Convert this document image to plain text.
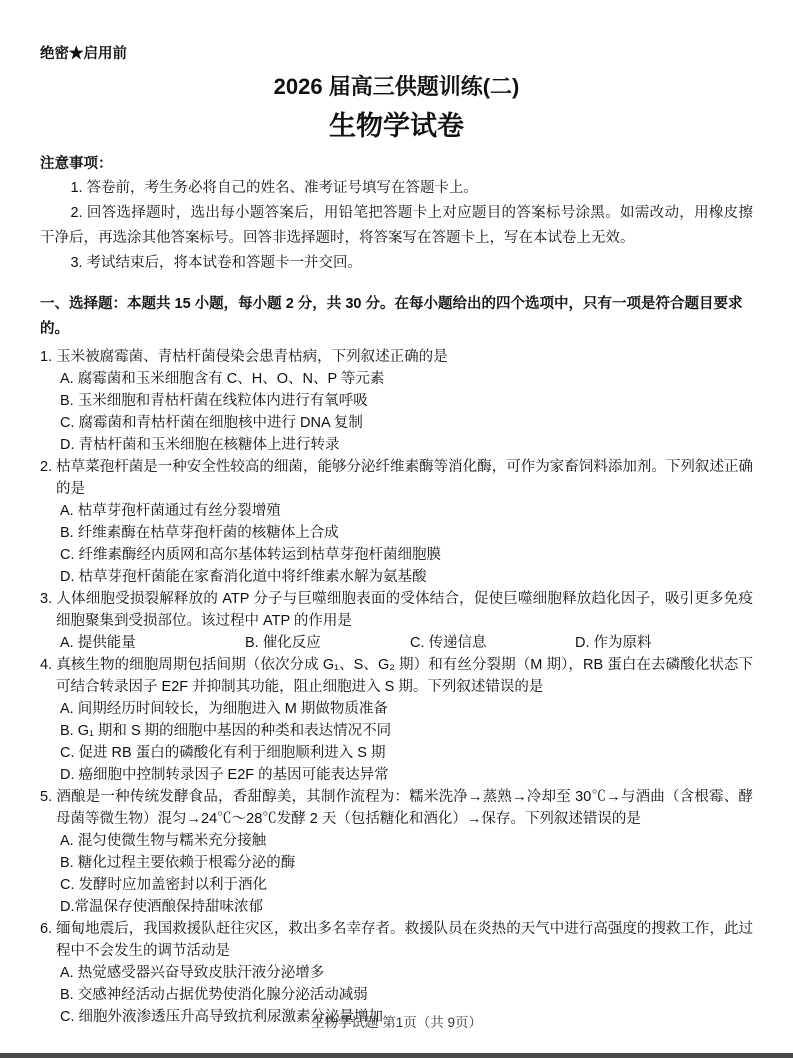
绝密★启用前
2026 届高三供题训练(二)
生物学试卷
注意事项：

1. 答卷前，考生务必将自己的姓名、准考证号填写在答题卡上。

2. 回答选择题时，选出每小题答案后，用铅笔把答题卡上对应题目的答案标号涂黑。如需改动，用橡皮擦干净后，再选涂其他答案标号。回答非选择题时，将答案写在答题卡上，写在本试卷上无效。

3. 考试结束后，将本试卷和答题卡一并交回。

一、选择题：本题共 15 小题，每小题 2 分，共 30 分。在每小题给出的四个选项中，只有一项是符合题目要求的。

1. 玉米被腐霉菌、青枯杆菌侵染会患青枯病，下列叙述正确的是

A. 腐霉菌和玉米细胞含有 C、H、O、N、P 等元素

B. 玉米细胞和青枯杆菌在线粒体内进行有氧呼吸

C. 腐霉菌和青枯杆菌在细胞核中进行 DNA 复制

D. 青枯杆菌和玉米细胞在核糖体上进行转录

2. 枯草菜孢杆菌是一种安全性较高的细菌，能够分泌纤维素酶等消化酶，可作为家畜饲料添加剂。下列叙述正确的是

A. 枯草芽孢杆菌通过有丝分裂增殖

B. 纤维素酶在枯草芽孢杆菌的核糖体上合成

C. 纤维素酶经内质网和高尔基体转运到枯草芽孢杆菌细胞膜

D. 枯草芽孢杆菌能在家畜消化道中将纤维素水解为氨基酸

3. 人体细胞受损裂解释放的 ATP 分子与巨噬细胞表面的受体结合，促使巨噬细胞释放趋化因子，吸引更多免疫细胞聚集到受损部位。该过程中 ATP 的作用是

A. 提供能量	B. 催化反应	C. 传递信息	D. 作为原料

4. 真核生物的细胞周期包括间期（依次分成 G₁、S、G₂ 期）和有丝分裂期（M 期），RB 蛋白在去磷酸化状态下可结合转录因子 E2F 并抑制其功能，阻止细胞进入 S 期。下列叙述错误的是

A. 间期经历时间较长，为细胞进入 M 期做物质准备

B. G₁ 期和 S 期的细胞中基因的种类和表达情况不同

C. 促进 RB 蛋白的磷酸化有利于细胞顺利进入 S 期

D. 癌细胞中控制转录因子 E2F 的基因可能表达异常

5. 酒酿是一种传统发酵食品，香甜醇美，其制作流程为：糯米洗净→蒸熟→冷却至 30℃→与酒曲（含根霉、酵母菌等微生物）混匀→24℃～28℃发酵 2 天（包括糖化和酒化）→保存。下列叙述错误的是

A. 混匀使微生物与糯米充分接触

B. 糖化过程主要依赖于根霉分泌的酶

C. 发酵时应加盖密封以利于酒化

D.常温保存使酒酿保持甜味浓郁

6. 缅甸地震后，我国救援队赶往灾区，救出多名幸存者。救援队员在炎热的天气中进行高强度的搜救工作，此过程中不会发生的调节活动是

A. 热觉感受器兴奋导致皮肤汗液分泌增多

B. 交感神经活动占据优势使消化腺分泌活动减弱

C. 细胞外液渗透压升高导致抗利尿激素分泌量增加

生物学试题 第1页（共 9页）
